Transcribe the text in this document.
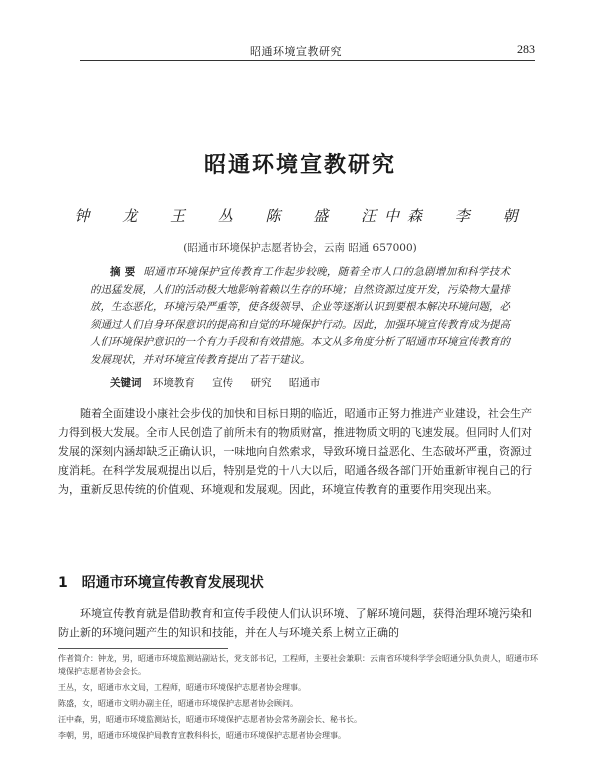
昭通环境宣教研究	283
昭通环境宣教研究
钟 龙 王 丛 陈 盛 汪中森 李 朝
(昭通市环境保护志愿者协会，云南 昭通 657000)
摘 要 昭通市环境保护宣传教育工作起步较晚，随着全市人口的急剧增加和科学技术的迅猛发展，人们的活动极大地影响着赖以生存的环境；自然资源过度开发，污染物大量排放，生态恶化，环境污染严重等，使各级领导、企业等逐渐认识到要根本解决环境问题，必须通过人们自身环保意识的提高和自觉的环境保护行动。因此，加强环境宣传教育成为提高人们环境保护意识的一个有力手段和有效措施。本文从多角度分析了昭通市环境宣传教育的发展现状，并对环境宣传教育提出了若干建议。
关键词 环境教育 宣传 研究 昭通市
随着全面建设小康社会步伐的加快和目标日期的临近，昭通市正努力推进产业建设，社会生产力得到极大发展。全市人民创造了前所未有的物质财富，推进物质文明的飞速发展。但同时人们对发展的深刻内涵却缺乏正确认识，一味地向自然索求，导致环境日益恶化、生态破坏严重，资源过度消耗。在科学发展观提出以后，特别是党的十八大以后，昭通各级各部门开始重新审视自己的行为，重新反思传统的价值观、环境观和发展观。因此，环境宣传教育的重要作用突现出来。
1 昭通市环境宣传教育发展现状
环境宣传教育就是借助教育和宣传手段使人们认识环境、了解环境问题，获得治理环境污染和防止新的环境问题产生的知识和技能，并在人与环境关系上树立正确的

作者简介：钟龙，男，昭通市环境监测站副站长，党支部书记，工程师，主要社会兼职：云南省环境科学学会昭通分队负责人，昭通市环境保护志愿者协会会长。

王丛，女，昭通市水文局，工程师，昭通市环境保护志愿者协会理事。

陈盛，女，昭通市文明办副主任，昭通市环境保护志愿者协会顾问。

汪中森，男，昭通市环境监测站长，昭通市环境保护志愿者协会常务副会长、秘书长。

李朝，男，昭通市环境保护局教育宣教科科长，昭通市环境保护志愿者协会理事。
